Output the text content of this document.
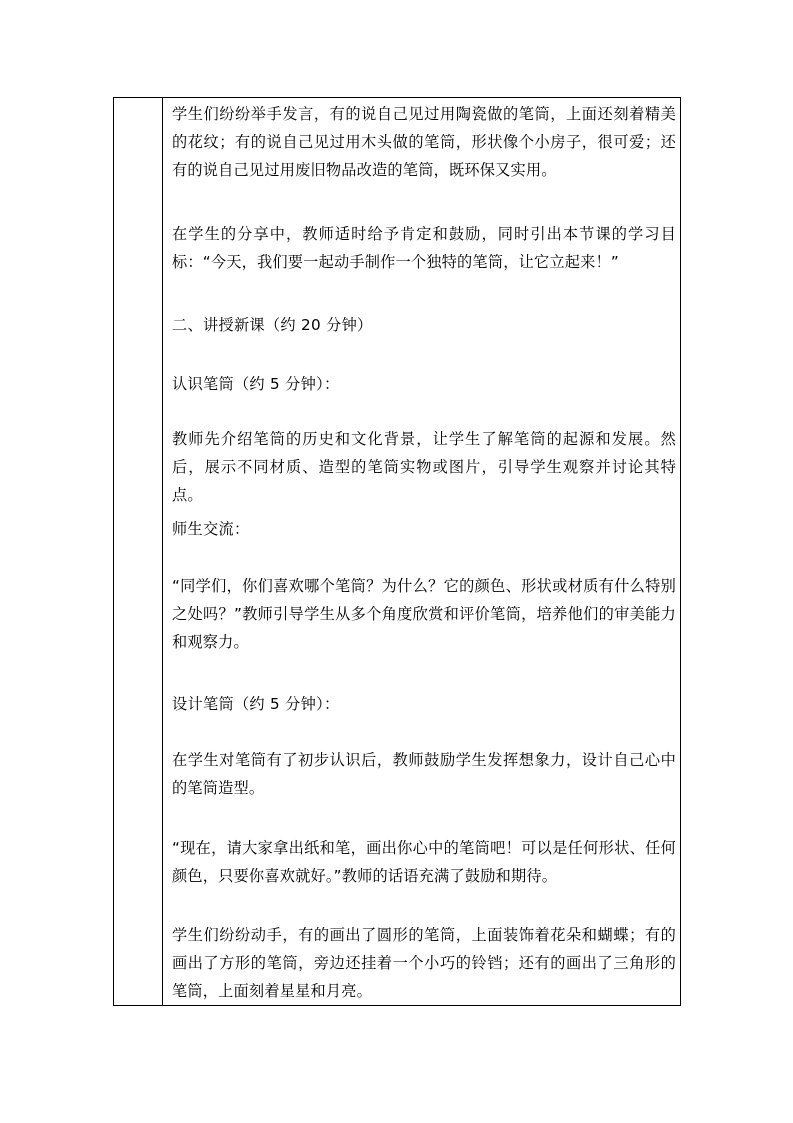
学生们纷纷举手发言，有的说自己见过用陶瓷做的笔筒，上面还刻着精美的花纹；有的说自己见过用木头做的笔筒，形状像个小房子，很可爱；还有的说自己见过用废旧物品改造的笔筒，既环保又实用。

在学生的分享中，教师适时给予肯定和鼓励，同时引出本节课的学习目标：“今天，我们要一起动手制作一个独特的笔筒，让它立起来！”

二、讲授新课（约 20 分钟）

认识笔筒（约 5 分钟）：

教师先介绍笔筒的历史和文化背景，让学生了解笔筒的起源和发展。然后，展示不同材质、造型的笔筒实物或图片，引导学生观察并讨论其特点。

师生交流：

“同学们，你们喜欢哪个笔筒？为什么？它的颜色、形状或材质有什么特别之处吗？”教师引导学生从多个角度欣赏和评价笔筒，培养他们的审美能力和观察力。

设计笔筒（约 5 分钟）：

在学生对笔筒有了初步认识后，教师鼓励学生发挥想象力，设计自己心中的笔筒造型。

“现在，请大家拿出纸和笔，画出你心中的笔筒吧！可以是任何形状、任何颜色，只要你喜欢就好。”教师的话语充满了鼓励和期待。

学生们纷纷动手，有的画出了圆形的笔筒，上面装饰着花朵和蝴蝶；有的画出了方形的笔筒，旁边还挂着一个小巧的铃铛；还有的画出了三角形的笔筒，上面刻着星星和月亮。
